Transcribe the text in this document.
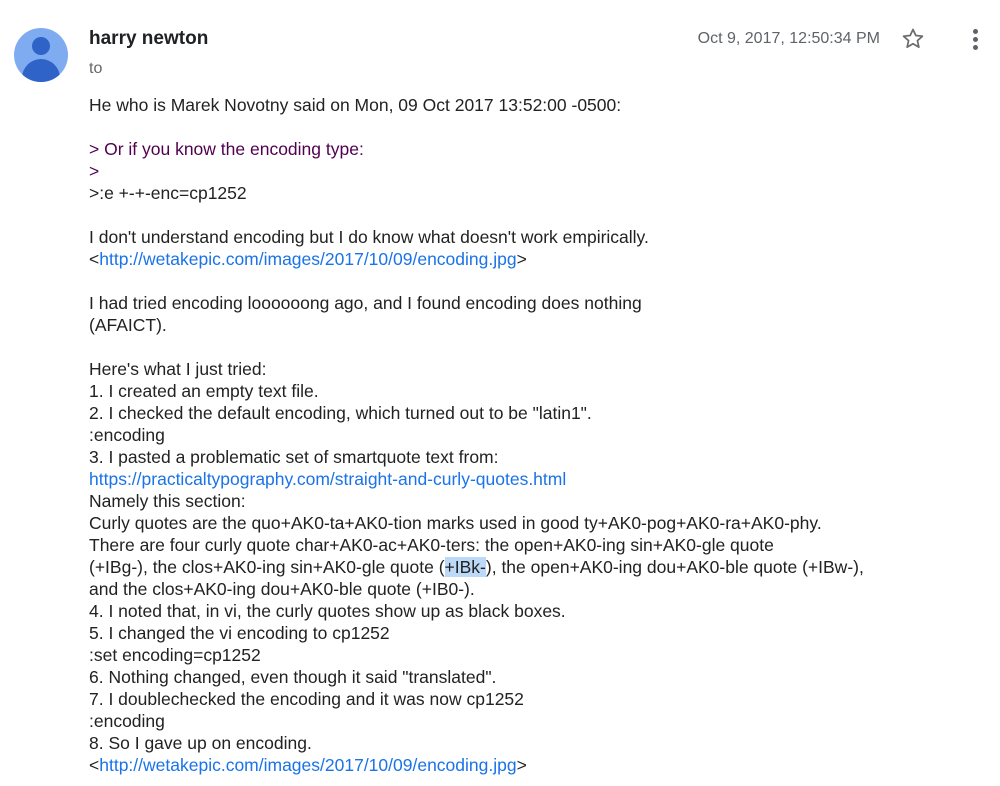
harry newton
to
Oct 9, 2017, 12:50:34 PM
He who is Marek Novotny said on Mon, 09 Oct 2017 13:52:00 -0500:
> Or if you know the encoding type:
>
>:e +-+-enc=cp1252
I don't understand encoding but I do know what doesn't work empirically.
<http://wetakepic.com/images/2017/10/09/encoding.jpg>
I had tried encoding loooooong ago, and I found encoding does nothing
(AFAICT).
Here's what I just tried:
1. I created an empty text file.
2. I checked the default encoding, which turned out to be "latin1".
:encoding
3. I pasted a problematic set of smartquote text from:
https://practicaltypography.com/straight-and-curly-quotes.html
Namely this section:
Curly quotes are the quo+AK0-ta+AK0-tion marks used in good ty+AK0-pog+AK0-ra+AK0-phy.
There are four curly quote char+AK0-ac+AK0-ters: the open+AK0-ing sin+AK0-gle quote
(+IBg-), the clos+AK0-ing sin+AK0-gle quote (+IBk-), the open+AK0-ing dou+AK0-ble quote (+IBw-),
and the clos+AK0-ing dou+AK0-ble quote (+IB0-).
4. I noted that, in vi, the curly quotes show up as black boxes.
5. I changed the vi encoding to cp1252
:set encoding=cp1252
6. Nothing changed, even though it said "translated".
7. I doublechecked the encoding and it was now cp1252
:encoding
8. So I gave up on encoding.
<http://wetakepic.com/images/2017/10/09/encoding.jpg>
